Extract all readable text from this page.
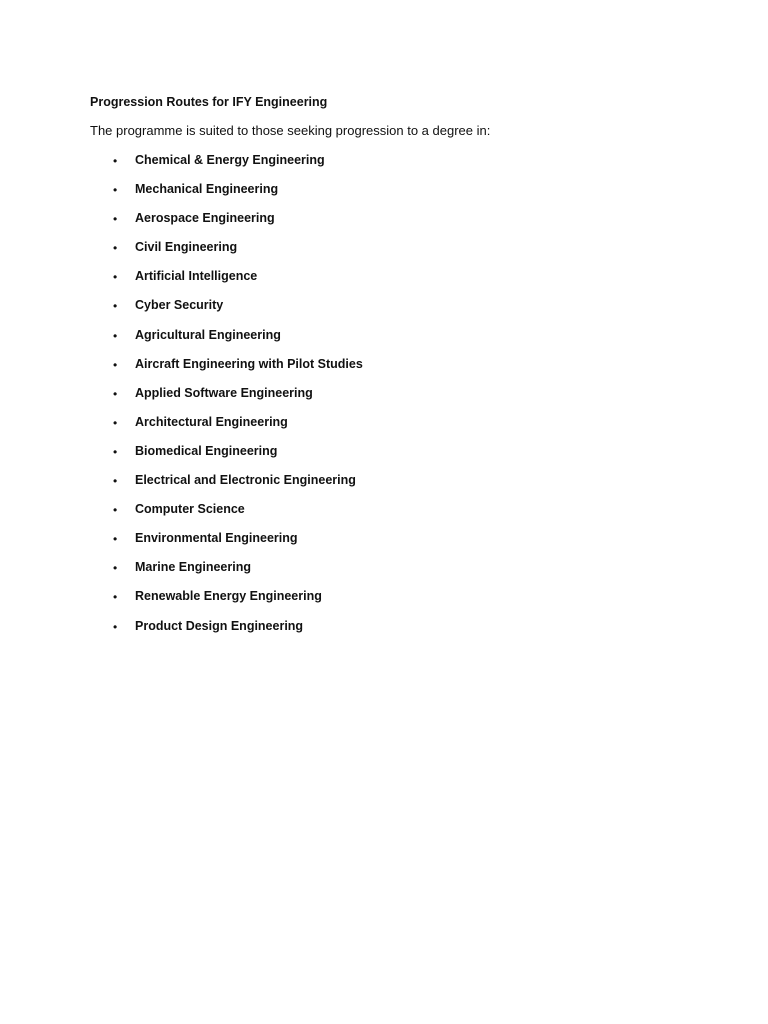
Progression Routes for IFY Engineering
The programme is suited to those seeking progression to a degree in:
• Chemical & Energy Engineering
• Mechanical Engineering
• Aerospace Engineering
• Civil Engineering
• Artificial Intelligence
• Cyber Security
• Agricultural Engineering
• Aircraft Engineering with Pilot Studies
• Applied Software Engineering
• Architectural Engineering
• Biomedical Engineering
• Electrical and Electronic Engineering
• Computer Science
• Environmental Engineering
• Marine Engineering
• Renewable Energy Engineering
• Product Design Engineering
